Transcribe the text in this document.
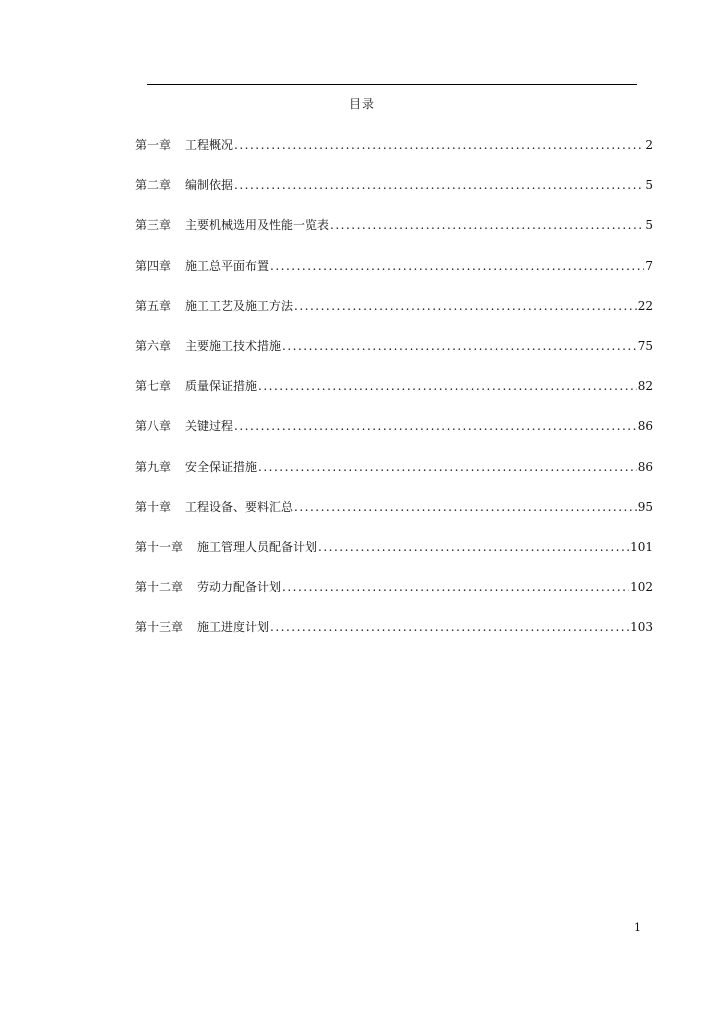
目录
第一章	工程概况 .....	2
第二章	编制依据 .....	5
第三章	主要机械选用及性能一览表 .....	5
第四章	施工总平面布置 .....	7
第五章	施工工艺及施工方法 .....	22
第六章	主要施工技术措施 .....	75
第七章	质量保证措施 .....	82
第八章	关键过程 .....	86
第九章	安全保证措施 .....	86
第十章	工程设备、要料汇总 .....	95
第十一章	施工管理人员配备计划 .....	101
第十二章	劳动力配备计划 .....	102
第十三章	施工进度计划 .....	103
1
